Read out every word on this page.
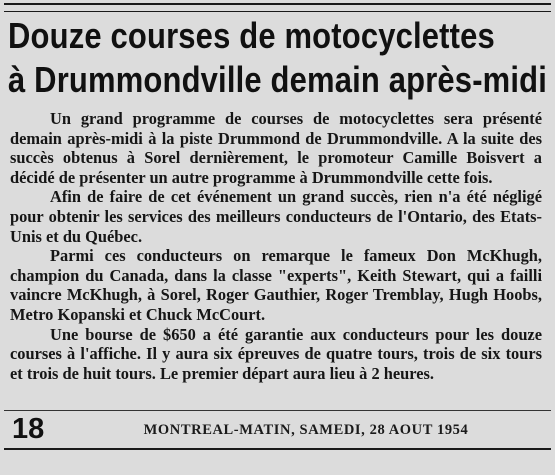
Douze courses de motocyclettes
à Drummondville demain après-midi

Un grand programme de courses de motocyclettes sera présenté demain après-midi à la piste Drummond de Drummondville. A la suite des succès obtenus à Sorel dernièrement, le promoteur Camille Boisvert a décidé de présenter un autre programme à Drummondville cette fois.

Afin de faire de cet événement un grand succès, rien n'a été négligé pour obtenir les services des meilleurs conducteurs de l'Ontario, des Etats-Unis et du Québec.

Parmi ces conducteurs on remarque le fameux Don McKhugh, champion du Canada, dans la classe "experts", Keith Stewart, qui a failli vaincre McKhugh, à Sorel, Roger Gauthier, Roger Tremblay, Hugh Hoobs, Metro Kopanski et Chuck McCourt.

Une bourse de $650 a été garantie aux conducteurs pour les douze courses à l'affiche. Il y aura six épreuves de quatre tours, trois de six tours et trois de huit tours. Le premier départ aura lieu à 2 heures.

18	MONTREAL-MATIN, SAMEDI, 28 AOUT 1954
